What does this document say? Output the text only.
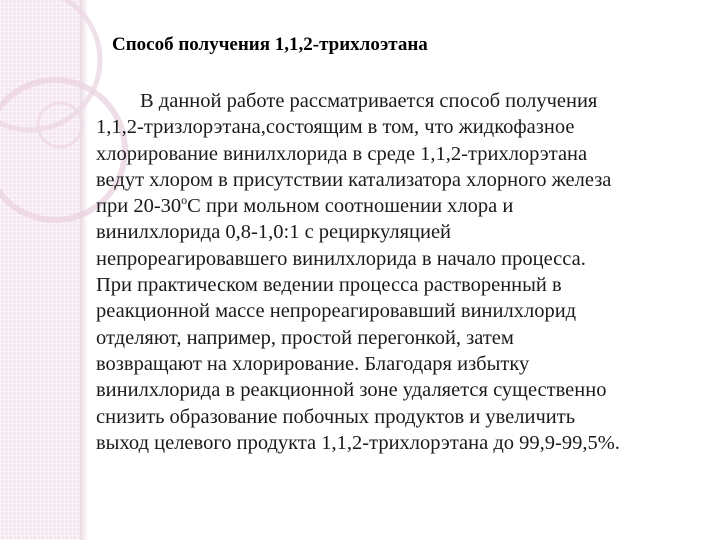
Способ получения 1,1,2-трихлоэтана
В данной работе рассматривается способ получения
1,1,2-тризлорэтана,состоящим в том, что жидкофазное
хлорирование винилхлорида в среде 1,1,2-трихлорэтана
ведут хлором в присутствии катализатора хлорного железа
при $20-30^оС$ при мольном соотношении хлора и
винилхлорида 0,8-1,0:1 с рециркуляцией
непрореагировавшего винилхлорида в начало процесса.
При практическом ведении процесса растворенный в
реакционной массе непрореагировавший винилхлорид
отделяют, например, простой перегонкой, затем
возвращают на хлорирование. Благодаря избытку
винилхлорида в реакционной зоне удаляется существенно
снизить образование побочных продуктов и увеличить
выход целевого продукта 1,1,2-трихлорэтана до 99,9-99,5%.
